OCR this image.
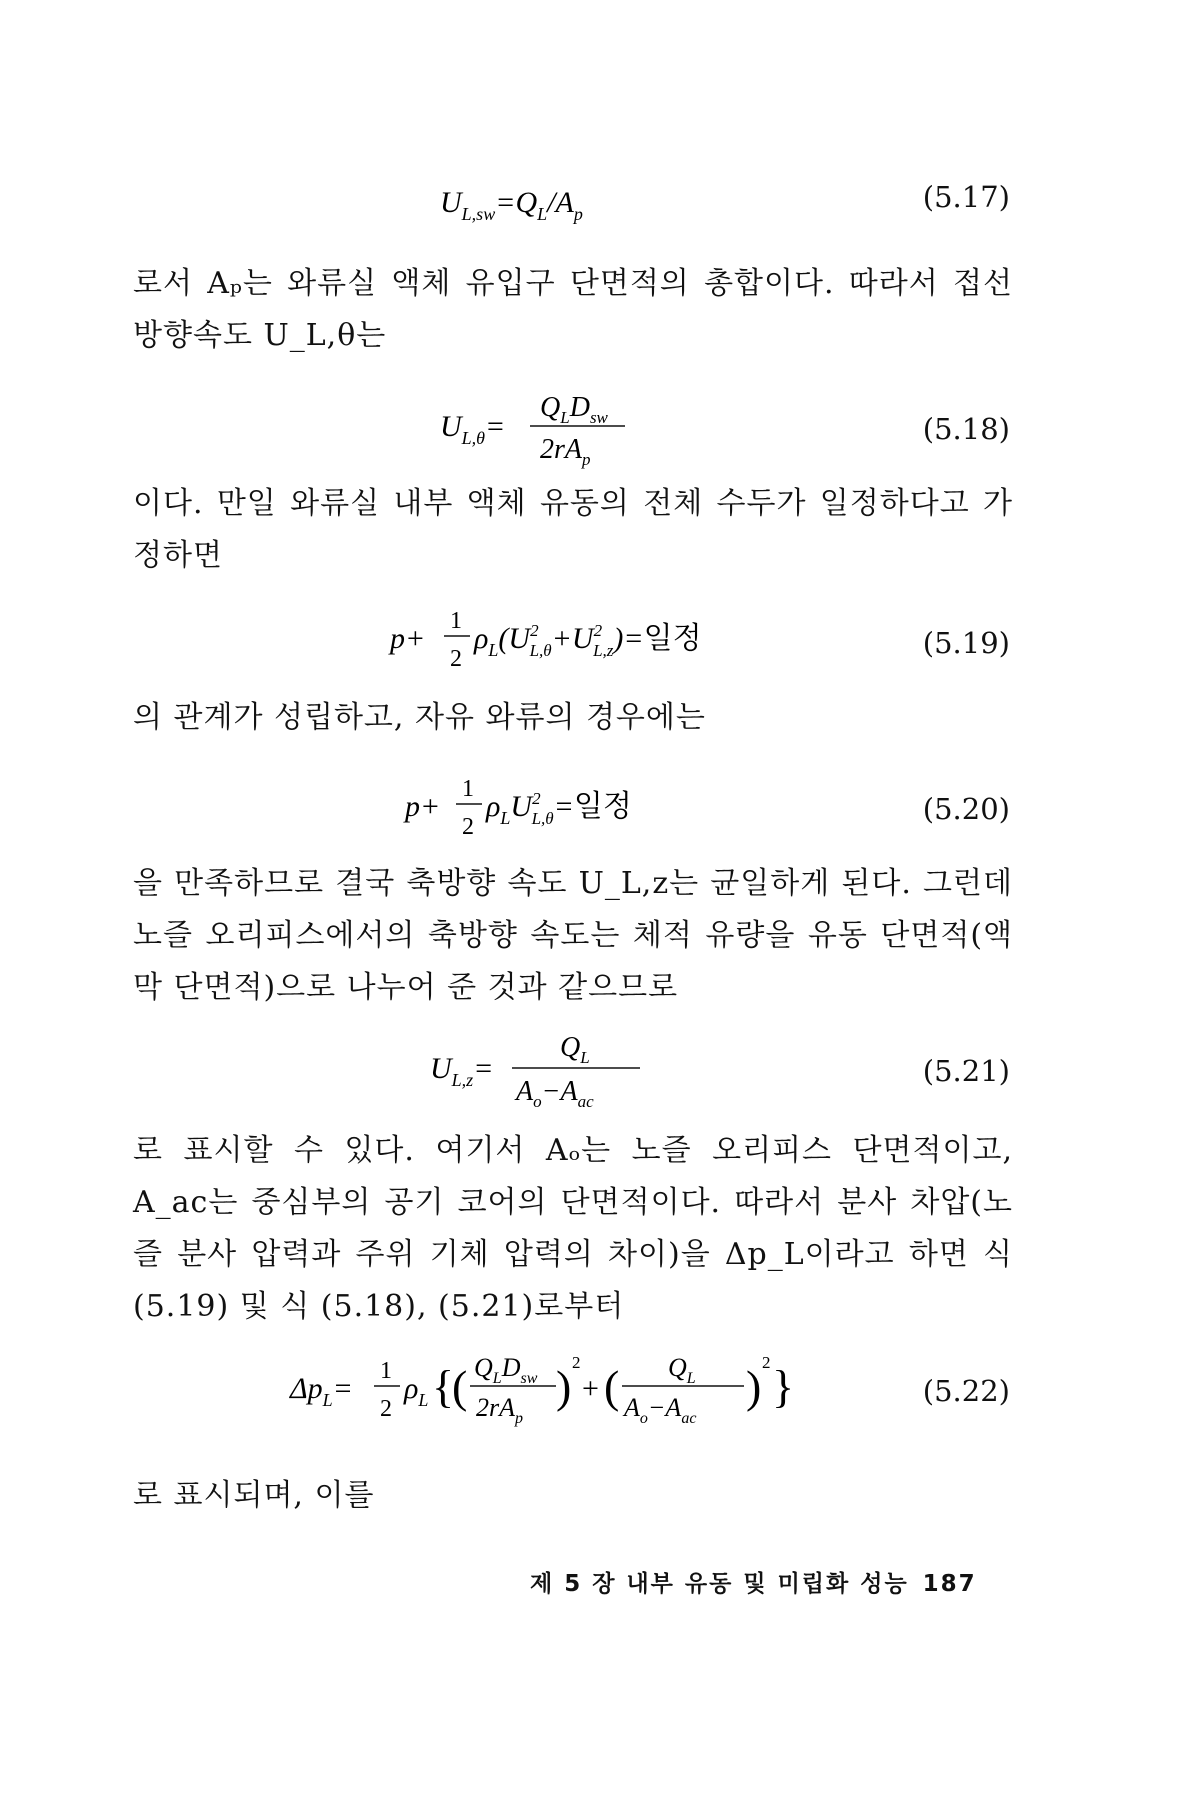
$U_{L,sw}=Q_L/A_p$	(5.17)

로서 Aₚ는 와류실 액체 유입구 단면적의 총합이다. 따라서 접선 방향속도 U_L,θ는

$U_{L,\theta}=$
$Q_LD_{sw}$
$2rA_p$
(5.18)

이다. 만일 와류실 내부 액체 유동의 전체 수두가 일정하다고 가정하면

p+
1
2
$\rho_L(U^2$ $L,\theta+U^2$ L,z)=일정	(5.19)

의 관계가 성립하고, 자유 와류의 경우에는

p+
1
2
$\rho_LU^2$ L,θ=일정	(5.20)

을 만족하므로 결국 축방향 속도 U_L,z는 균일하게 된다. 그런데 노즐 오리피스에서의 축방향 속도는 체적 유량을 유동 단면적(액막 단면적)으로 나누어 준 것과 같으므로

$U_{L,z}=$
$Q_L$
$A_o-A_{ac}$
(5.21)

로 표시할 수 있다. 여기서 Aₒ는 노즐 오리피스 단면적이고, A_ac는 중심부의 공기 코어의 단면적이다. 따라서 분사 차압(노즐 분사 압력과 주위 기체 압력의 차이)을 Δp_L이라고 하면 식 (5.19) 및 식 (5.18), (5.21)로부터

$\Delta p_L=$
1
2
$\rho_L$ {
( $Q_LD_{sw}$
$2rA_p$
) 2
+ ( $Q_L$
$A_o-A_{ac}$
) 2 }	(5.22)

로 표시되며, 이를

제 5 장 내부 유동 및 미립화 성능 187
